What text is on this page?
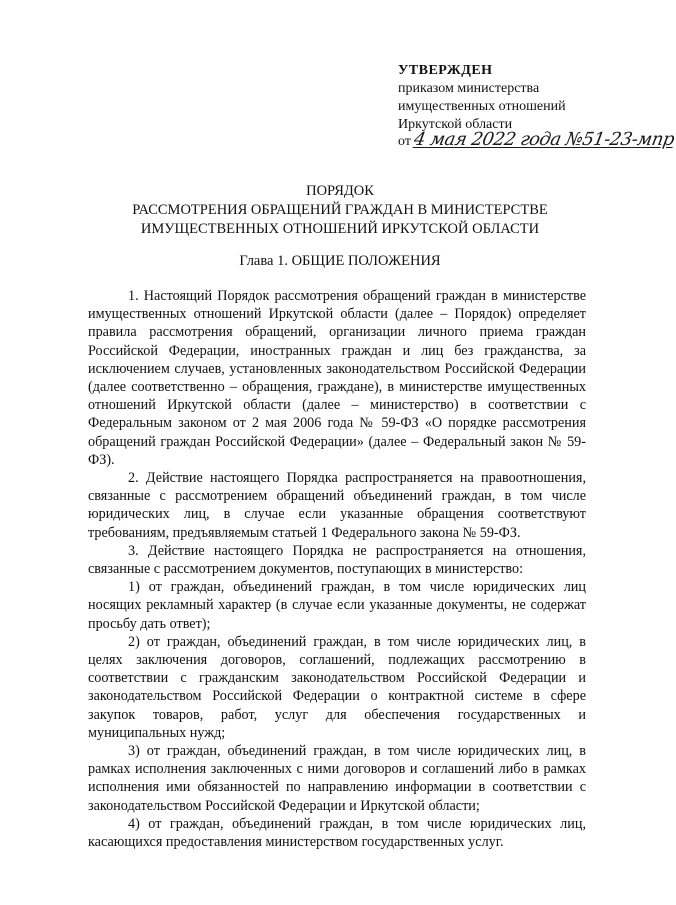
УТВЕРЖДЕН
приказом министерства
имущественных отношений
Иркутской области
от 4 мая 2022 года №51-23-мпр
ПОРЯДОК
РАССМОТРЕНИЯ ОБРАЩЕНИЙ ГРАЖДАН В МИНИСТЕРСТВЕ
ИМУЩЕСТВЕННЫХ ОТНОШЕНИЙ ИРКУТСКОЙ ОБЛАСТИ
Глава 1. ОБЩИЕ ПОЛОЖЕНИЯ

1. Настоящий Порядок рассмотрения обращений граждан в министерстве имущественных отношений Иркутской области (далее – Порядок) определяет правила рассмотрения обращений, организации личного приема граждан Российской Федерации, иностранных граждан и лиц без гражданства, за исключением случаев, установленных законодательством Российской Федерации (далее соответственно – обращения, граждане), в министерстве имущественных отношений Иркутской области (далее – министерство) в соответствии с Федеральным законом от 2 мая 2006 года № 59-ФЗ «О порядке рассмотрения обращений граждан Российской Федерации» (далее – Федеральный закон № 59-ФЗ).

2. Действие настоящего Порядка распространяется на правоотношения, связанные с рассмотрением обращений объединений граждан, в том числе юридических лиц, в случае если указанные обращения соответствуют требованиям, предъявляемым статьей 1 Федерального закона № 59-ФЗ.

3. Действие настоящего Порядка не распространяется на отношения, связанные с рассмотрением документов, поступающих в министерство:

1) от граждан, объединений граждан, в том числе юридических лиц носящих рекламный характер (в случае если указанные документы, не содержат просьбу дать ответ);

2) от граждан, объединений граждан, в том числе юридических лиц, в целях заключения договоров, соглашений, подлежащих рассмотрению в соответствии с гражданским законодательством Российской Федерации и законодательством Российской Федерации о контрактной системе в сфере закупок товаров, работ, услуг для обеспечения государственных и муниципальных нужд;

3) от граждан, объединений граждан, в том числе юридических лиц, в рамках исполнения заключенных с ними договоров и соглашений либо в рамках исполнения ими обязанностей по направлению информации в соответствии с законодательством Российской Федерации и Иркутской области;

4) от граждан, объединений граждан, в том числе юридических лиц, касающихся предоставления министерством государственных услуг.
